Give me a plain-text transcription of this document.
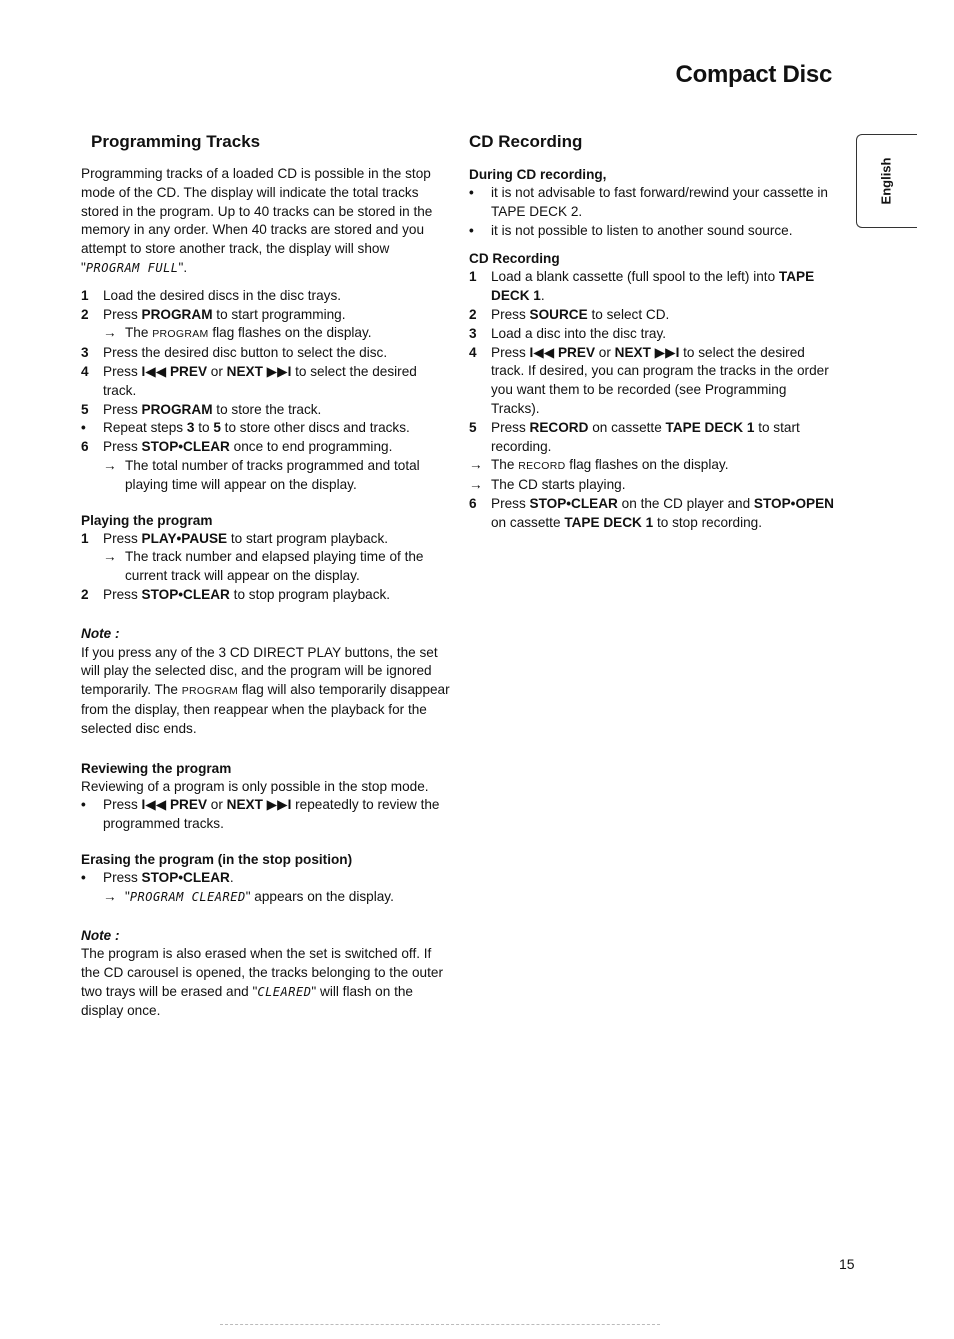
Compact Disc
English
Programming Tracks

Programming tracks of a loaded CD is possible in the stop mode of the CD. The display will indicate the total tracks stored in the program. Up to 40 tracks can be stored in the memory in any order. When 40 tracks are stored and you attempt to store another track, the display will show "PROGRAM FULL".

1	Load the desired discs in the disc trays.
2	Press PROGRAM to start programming.
→ The PROGRAM flag flashes on the display.
3	Press the desired disc button to select the disc.
4	Press I◀◀ PREV or NEXT ▶▶I to select the desired track.
5	Press PROGRAM to store the track.
•	Repeat steps 3 to 5 to store other discs and tracks.
6	Press STOP•CLEAR once to end programming.
→ The total number of tracks programmed and total playing time will appear on the display.
Playing the program
1	Press PLAY•PAUSE to start program playback.
→ The track number and elapsed playing time of the current track will appear on the display.
2	Press STOP•CLEAR to stop program playback.

Note :

If you press any of the 3 CD DIRECT PLAY buttons, the set will play the selected disc, and the program will be ignored temporarily. The PROGRAM flag will also temporarily disappear from the display, then reappear when the playback for the selected disc ends.

Reviewing the program

Reviewing of a program is only possible in the stop mode.

•	Press I◀◀ PREV or NEXT ▶▶I repeatedly to review the programmed tracks.
Erasing the program (in the stop position)
•	Press STOP•CLEAR.
→ "PROGRAM CLEARED" appears on the display.

Note :

The program is also erased when the set is switched off. If the CD carousel is opened, the tracks belonging to the outer two trays will be erased and "CLEARED" will flash on the display once.

CD Recording
During CD recording,
•	it is not advisable to fast forward/rewind your cassette in TAPE DECK 2.
•	it is not possible to listen to another sound source.
CD Recording
1	Load a blank cassette (full spool to the left) into TAPE DECK 1.
2	Press SOURCE to select CD.
3	Load a disc into the disc tray.
4	Press I◀◀ PREV or NEXT ▶▶I to select the desired track. If desired, you can program the tracks in the order you want them to be recorded (see Programming Tracks).
5	Press RECORD on cassette TAPE DECK 1 to start recording.
→ The RECORD flag flashes on the display.
→ The CD starts playing.
6	Press STOP•CLEAR on the CD player and STOP•OPEN on cassette TAPE DECK 1 to stop recording.
15
